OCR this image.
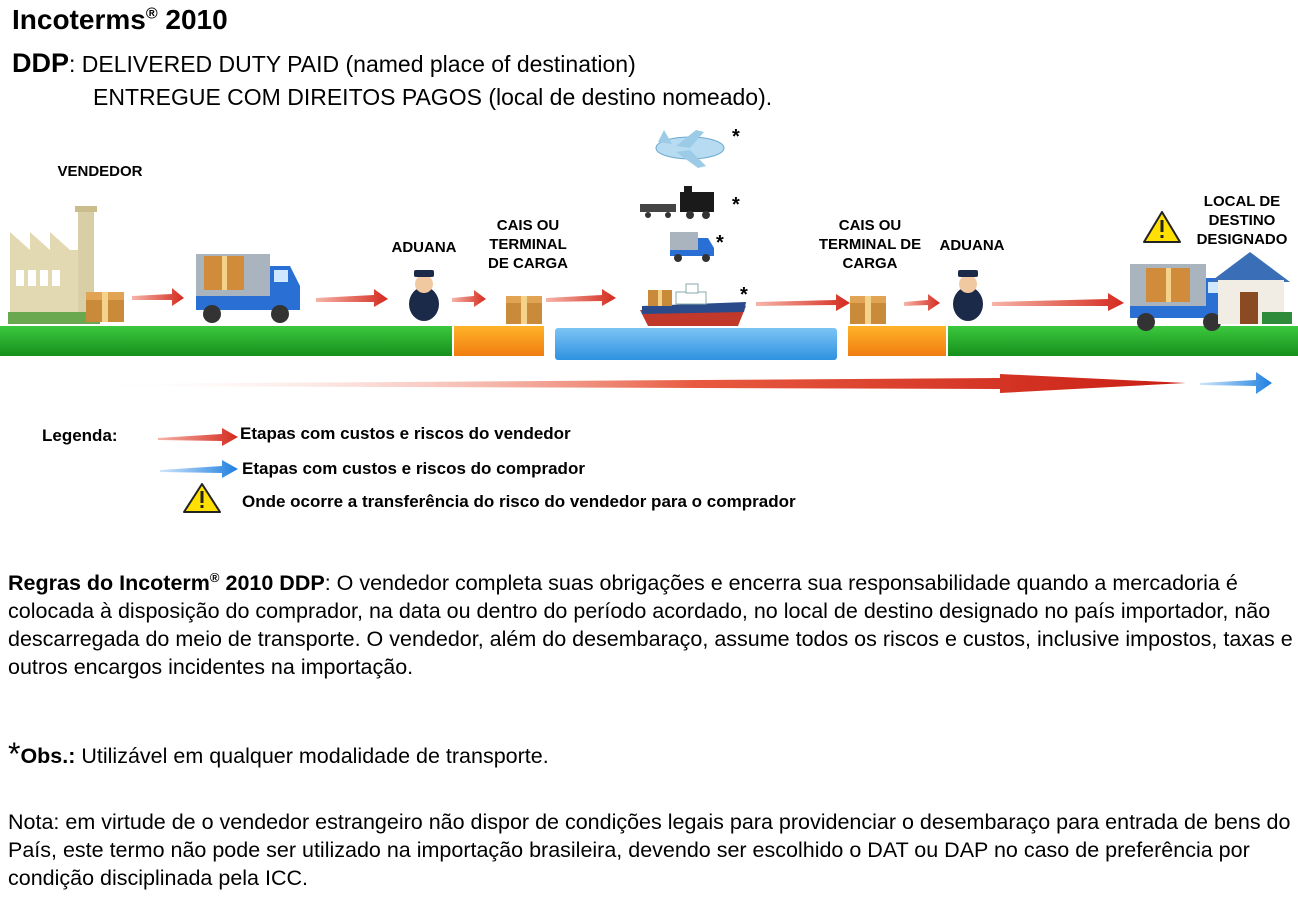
Incoterms® 2010
DDP: DELIVERED DUTY PAID (named place of destination)
ENTREGUE COM DIREITOS PAGOS (local de destino nomeado).
VENDEDOR
ADUANA
CAIS OU TERMINAL DE CARGA
CAIS OU TERMINAL DE CARGA
ADUANA
LOCAL DE DESTINO DESIGNADO
*
*
*
*
Legenda:	Etapas com custos e riscos do vendedor
Etapas com custos e riscos do comprador
Onde ocorre a transferência do risco do vendedor para o comprador
Regras do Incoterm® 2010 DDP: O vendedor completa suas obrigações e encerra sua responsabilidade quando a mercadoria é colocada à disposição do comprador, na data ou dentro do período acordado, no local de destino designado no país importador, não descarregada do meio de transporte. O vendedor, além do desembaraço, assume todos os riscos e custos, inclusive impostos, taxas e outros encargos incidentes na importação.
*Obs.: Utilizável em qualquer modalidade de transporte.
Nota: em virtude de o vendedor estrangeiro não dispor de condições legais para providenciar o desembaraço para entrada de bens do País, este termo não pode ser utilizado na importação brasileira, devendo ser escolhido o DAT ou DAP no caso de preferência por condição disciplinada pela ICC.
